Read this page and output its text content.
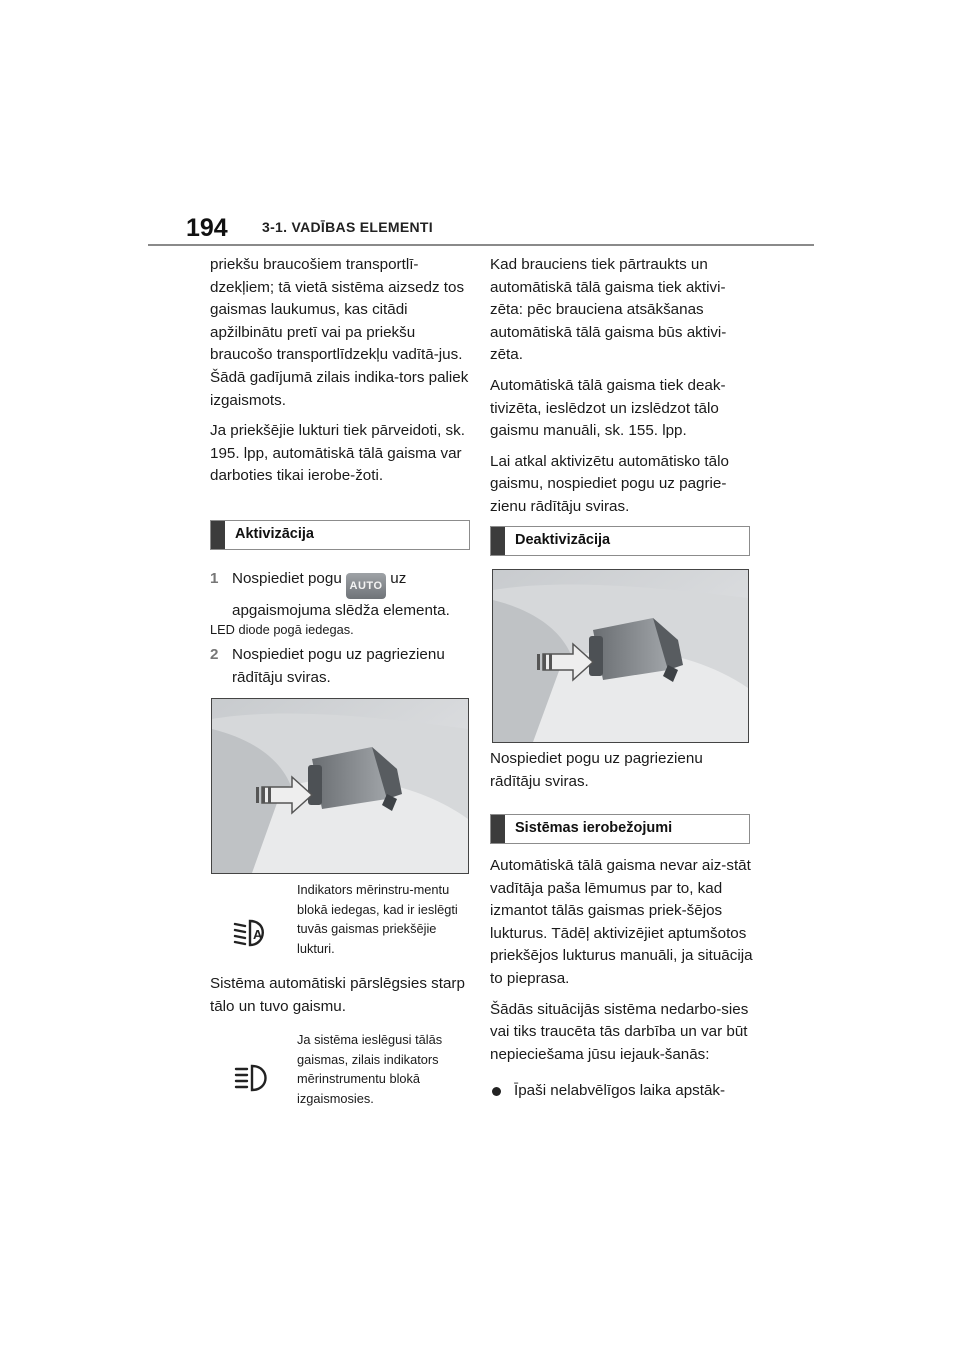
194 3-1. VADĪBAS ELEMENTI

priekšu braucošiem transportlī-dzekļiem; tā vietā sistēma aizsedz tos gaismas laukumus, kas citādi apžilbinātu pretī vai pa priekšu braucošo transportlīdzekļu vadītā-jus. Šādā gadījumā zilais indika-tors paliek izgaismots.

Ja priekšējie lukturi tiek pārveidoti, sk. 195. lpp, automātiskā tālā gaisma var darboties tikai ierobe-žoti.

Aktivizācija
1 Nospiediet pogu AUTO uz
apgaismojuma slēdža elementa.
LED diode pogā iedegas.
2 Nospiediet pogu uz pagriezienu rādītāju sviras.
A
Indikators mērinstru-mentu blokā iedegas, kad ir ieslēgti tuvās gaismas priekšējie lukturi.

Sistēma automātiski pārslēgsies starp tālo un tuvo gaismu.

Ja sistēma ieslēgusi tālās gaismas, zilais indikators mērinstrumentu blokā izgaismosies.

Kad brauciens tiek pārtraukts un automātiskā tālā gaisma tiek aktivi-zēta: pēc brauciena atsākšanas automātiskā tālā gaisma būs aktivi-zēta.

Automātiskā tālā gaisma tiek deak-tivizēta, ieslēdzot un izslēdzot tālo gaismu manuāli, sk. 155. lpp.

Lai atkal aktivizētu automātisko tālo gaismu, nospiediet pogu uz pagrie-zienu rādītāju sviras.

Deaktivizācija

Nospiediet pogu uz pagriezienu rādītāju sviras.

Sistēmas ierobežojumi

Automātiskā tālā gaisma nevar aiz-stāt vadītāja paša lēmumus par to, kad izmantot tālās gaismas priek-šējos lukturus. Tādēļ aktivizējiet aptumšotos priekšējos lukturus manuāli, ja situācija to pieprasa.

Šādās situācijās sistēma nedarbo-sies vai tiks traucēta tās darbība un var būt nepieciešama jūsu iejauk-šanās:

Īpaši nelabvēlīgos laika apstāk-
